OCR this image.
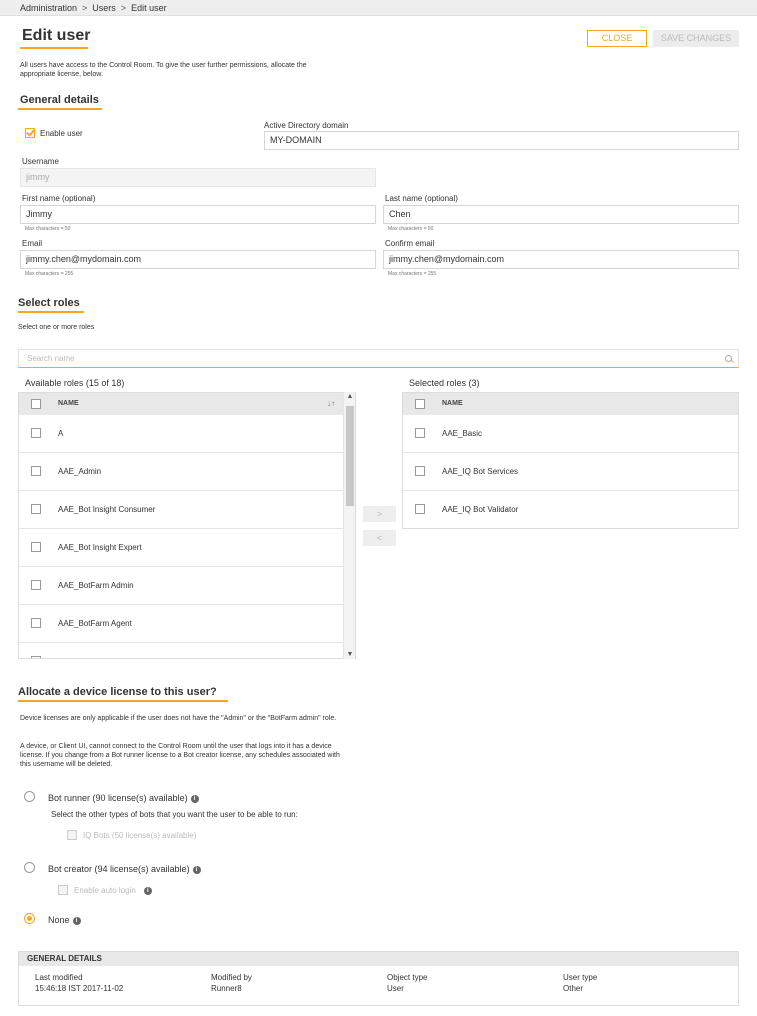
Administration > Users > Edit user
Edit user	CLOSE	SAVE CHANGES
All users have access to the Control Room. To give the user further permissions, allocate the appropriate license, below.
General details
Enable user
Active Directory domain
MY-DOMAIN
Username
jimmy
First name (optional)
Jimmy
Max characters = 50
Last name (optional)
Chen
Max characters = 50
Email
jimmy.chen@mydomain.com
Max characters = 255
Confirm email
jimmy.chen@mydomain.com
Max characters = 255
Select roles
Select one or more roles
Search name
Available roles (15 of 18)	Selected roles (3)
NAME	↓↑
A
AAE_Admin
AAE_Bot Insight Consumer
AAE_Bot Insight Expert
AAE_BotFarm Admin
AAE_BotFarm Agent
▲
▼
>
<
NAME
AAE_Basic
AAE_IQ Bot Services
AAE_IQ Bot Validator
Allocate a device license to this user?
Device licenses are only applicable if the user does not have the "Admin" or the "BotFarm admin" role.
A device, or Client UI, cannot connect to the Control Room until the user that logs into it has a device license. If you change from a Bot runner license to a Bot creator license, any schedules associated with this username will be deleted.
Bot runner (90 license(s) available) i
Select the other types of bots that you want the user to be able to run:
IQ Bots (50 license(s) available)
Bot creator (94 license(s) available) i
Enable auto login i
None i
GENERAL DETAILS
Last modified
15:46:18 IST 2017-11-02
Modified by
Runner8
Object type
User
User type
Other
